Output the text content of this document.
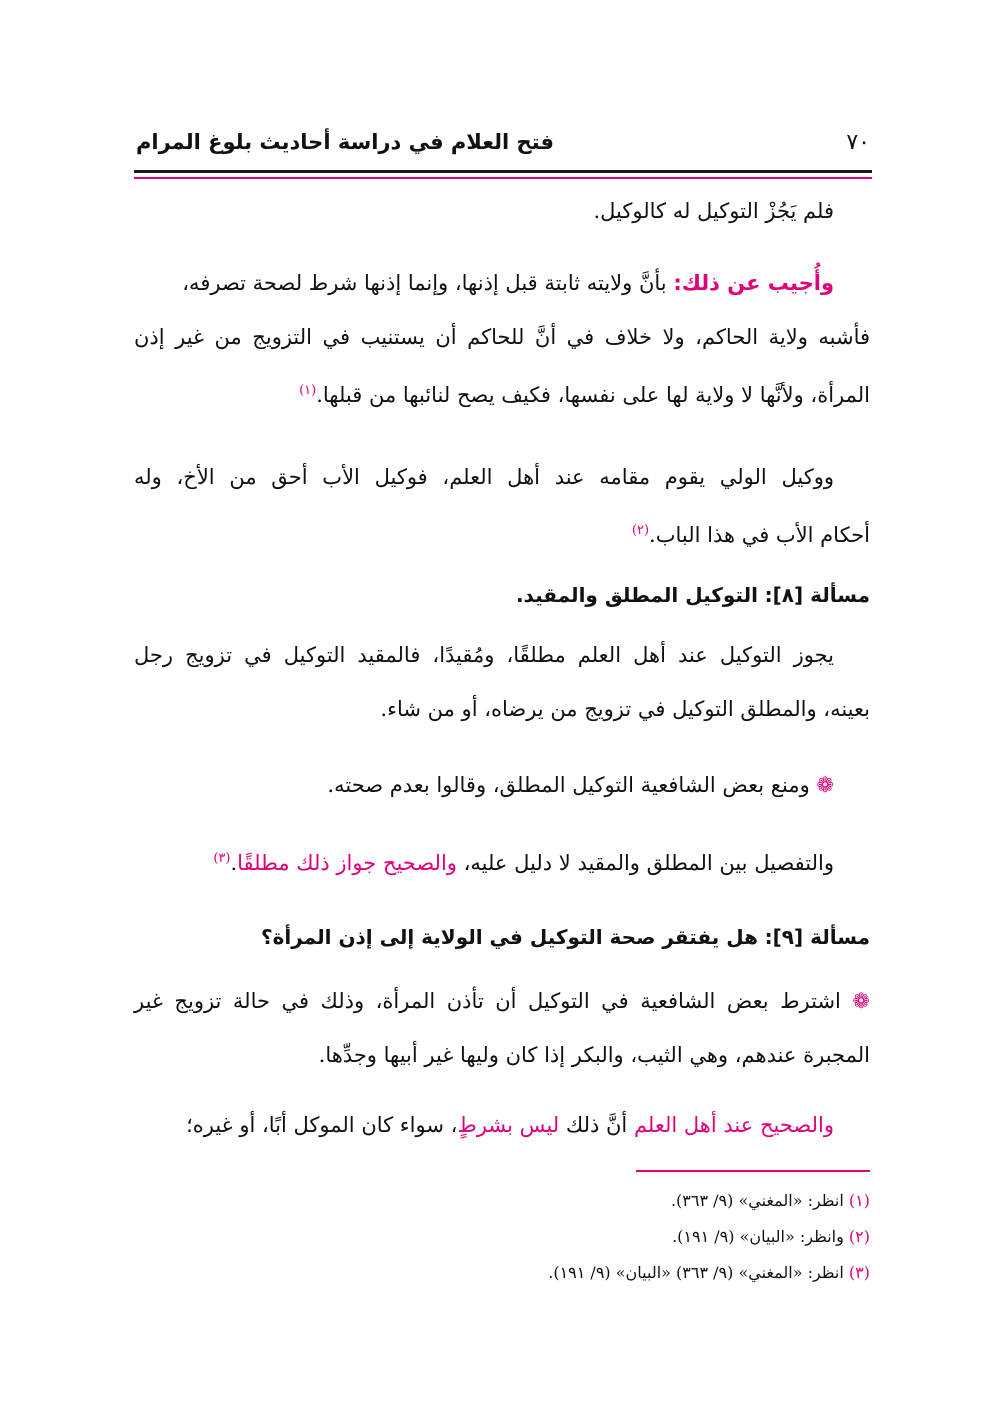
٧٠
فتح العلام في دراسة أحاديث بلوغ المرام
فلم يَجُزْ التوكيل له كالوكيل.
وأُجيب عن ذلك: بأنَّ ولايته ثابتة قبل إذنها، وإنما إذنها شرط لصحة تصرفه،
فأشبه ولاية الحاكم، ولا خلاف في أنَّ للحاكم أن يستنيب في التزويج من غير إذن
المرأة، ولأنَّها لا ولاية لها على نفسها، فكيف يصح لنائبها من قبلها.$^{(١)}$
ووكيل الولي يقوم مقامه عند أهل العلم، فوكيل الأب أحق من الأخ، وله
أحكام الأب في هذا الباب.$^{(٢)}$
مسألة [٨]: التوكيل المطلق والمقيد.
يجوز التوكيل عند أهل العلم مطلقًا، ومُقيدًا، فالمقيد التوكيل في تزويج رجل
بعينه، والمطلق التوكيل في تزويج من يرضاه، أو من شاء.
❁ ومنع بعض الشافعية التوكيل المطلق، وقالوا بعدم صحته.
والتفصيل بين المطلق والمقيد لا دليل عليه، والصحيح جواز ذلك مطلقًا.$^{(٣)}$
مسألة [٩]: هل يفتقر صحة التوكيل في الولاية إلى إذن المرأة؟
❁ اشترط بعض الشافعية في التوكيل أن تأذن المرأة، وذلك في حالة تزويج غير
المجبرة عندهم، وهي الثيب، والبكر إذا كان وليها غير أبيها وجدِّها.
والصحيح عند أهل العلم أنَّ ذلك ليس بشرطٍ، سواء كان الموكل أبًا، أو غيره؛
(١) انظر: «المغني» (٩/ ٣٦٣).
(٢) وانظر: «البيان» (٩/ ١٩١).
(٣) انظر: «المغني» (٩/ ٣٦٣) «البيان» (٩/ ١٩١).
